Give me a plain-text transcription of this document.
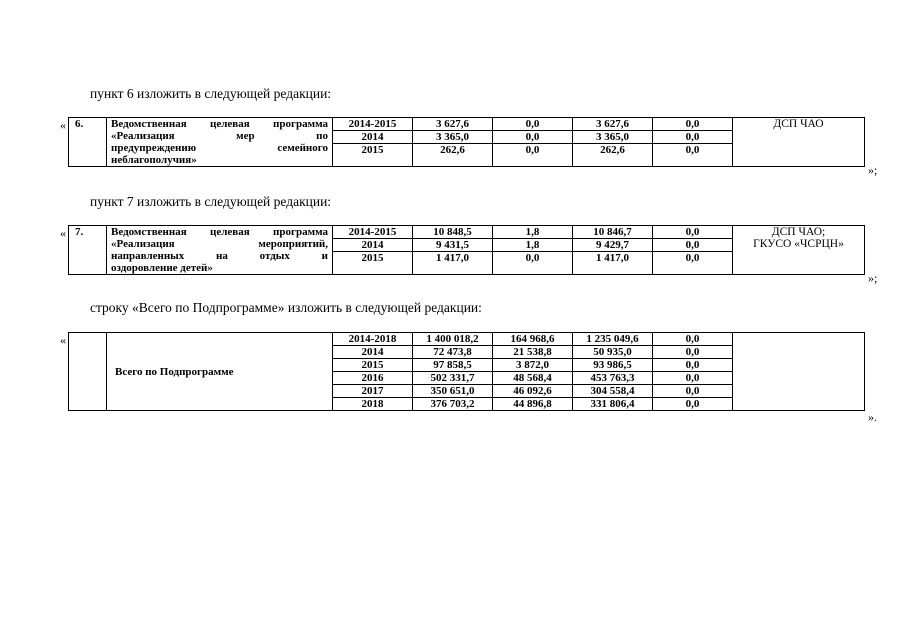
пункт 6 изложить в следующей редакции:
« 6.	Ведомственная целевая программа
«Реализация мер по
предупреждению семейного

неблагополучия»	2014-2015	3 627,6	0,0	3 627,6	0,0	ДСП ЧАО
		2014	3 365,0	0,0	3 365,0	0,0	
		2015	262,6	0,0	262,6	0,0	

»;
пункт 7 изложить в следующей редакции:
« 7.	Ведомственная целевая программа
«Реализация мероприятий,
направленных на отдых и

оздоровление детей»	2014-2015	10 848,5	1,8	10 846,7	0,0	ДСП ЧАО;
ГКУСО «ЧСРЦН»
		2014	9 431,5	1,8	9 429,7	0,0	
		2015	1 417,0	0,0	1 417,0	0,0	

»;
строку «Всего по Подпрограмме» изложить в следующей редакции:
«
	Всего по Подпрограмме	2014-2018	1 400 018,2	164 968,6	1 235 049,6	0,0	
		2014	72 473,8	21 538,8	50 935,0	0,0	
		2015	97 858,5	3 872,0	93 986,5	0,0	
		2016	502 331,7	48 568,4	453 763,3	0,0	
		2017	350 651,0	46 092,6	304 558,4	0,0	
		2018	376 703,2	44 896,8	331 806,4	0,0	
».
